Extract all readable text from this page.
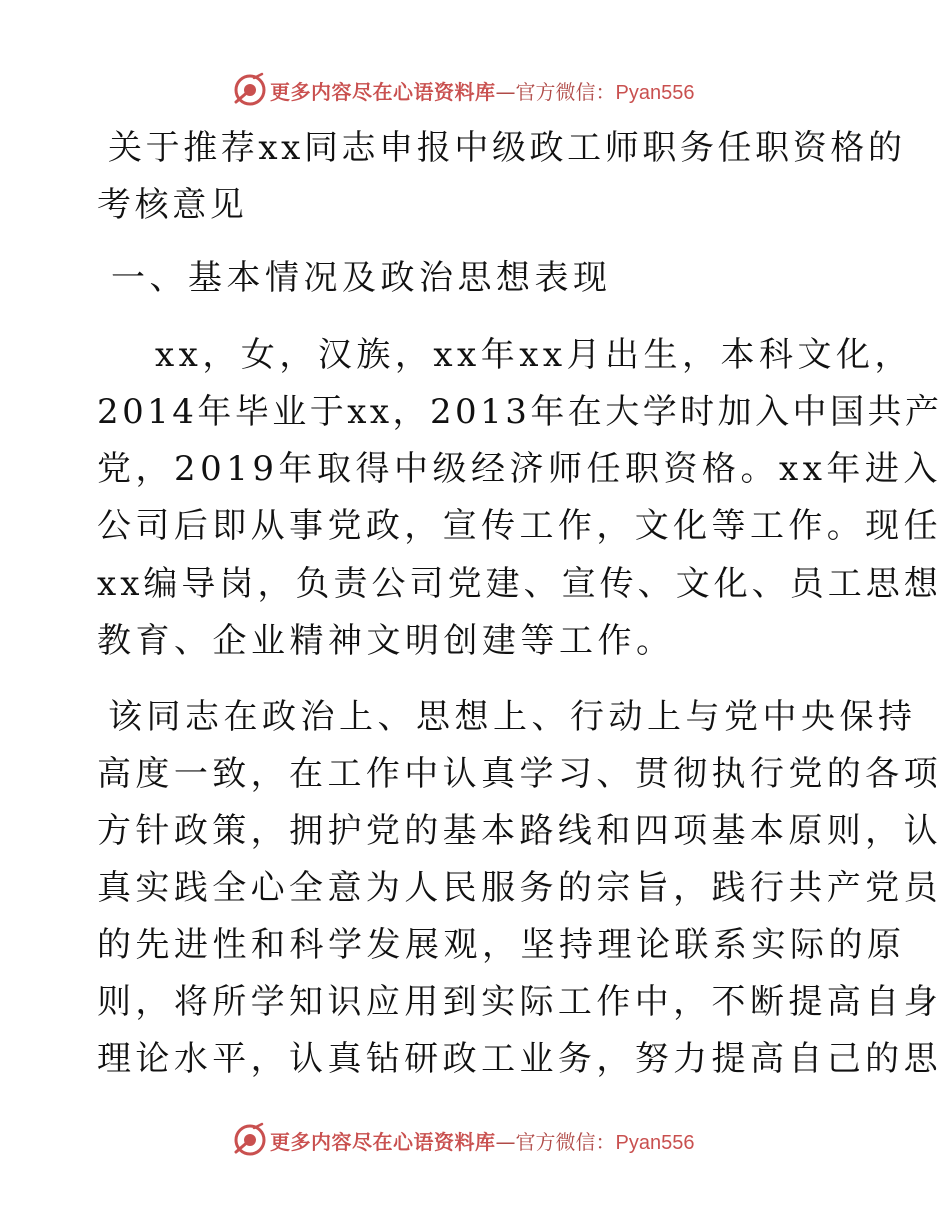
更多内容尽在心语资料库—官方微信：Pyan556
关于推荐xx同志申报中级政工师职务任职资格的
考核意见
一、基本情况及政治思想表现
xx，女，汉族，xx年xx月出生，本科文化，
2014年毕业于xx，2013年在大学时加入中国共产
党，2019年取得中级经济师任职资格。xx年进入
公司后即从事党政，宣传工作，文化等工作。现任
xx编导岗，负责公司党建、宣传、文化、员工思想
教育、企业精神文明创建等工作。
该同志在政治上、思想上、行动上与党中央保持
高度一致，在工作中认真学习、贯彻执行党的各项
方针政策，拥护党的基本路线和四项基本原则，认
真实践全心全意为人民服务的宗旨，践行共产党员
的先进性和科学发展观，坚持理论联系实际的原
则，将所学知识应用到实际工作中，不断提高自身
理论水平，认真钻研政工业务，努力提高自己的思
更多内容尽在心语资料库—官方微信：Pyan556
